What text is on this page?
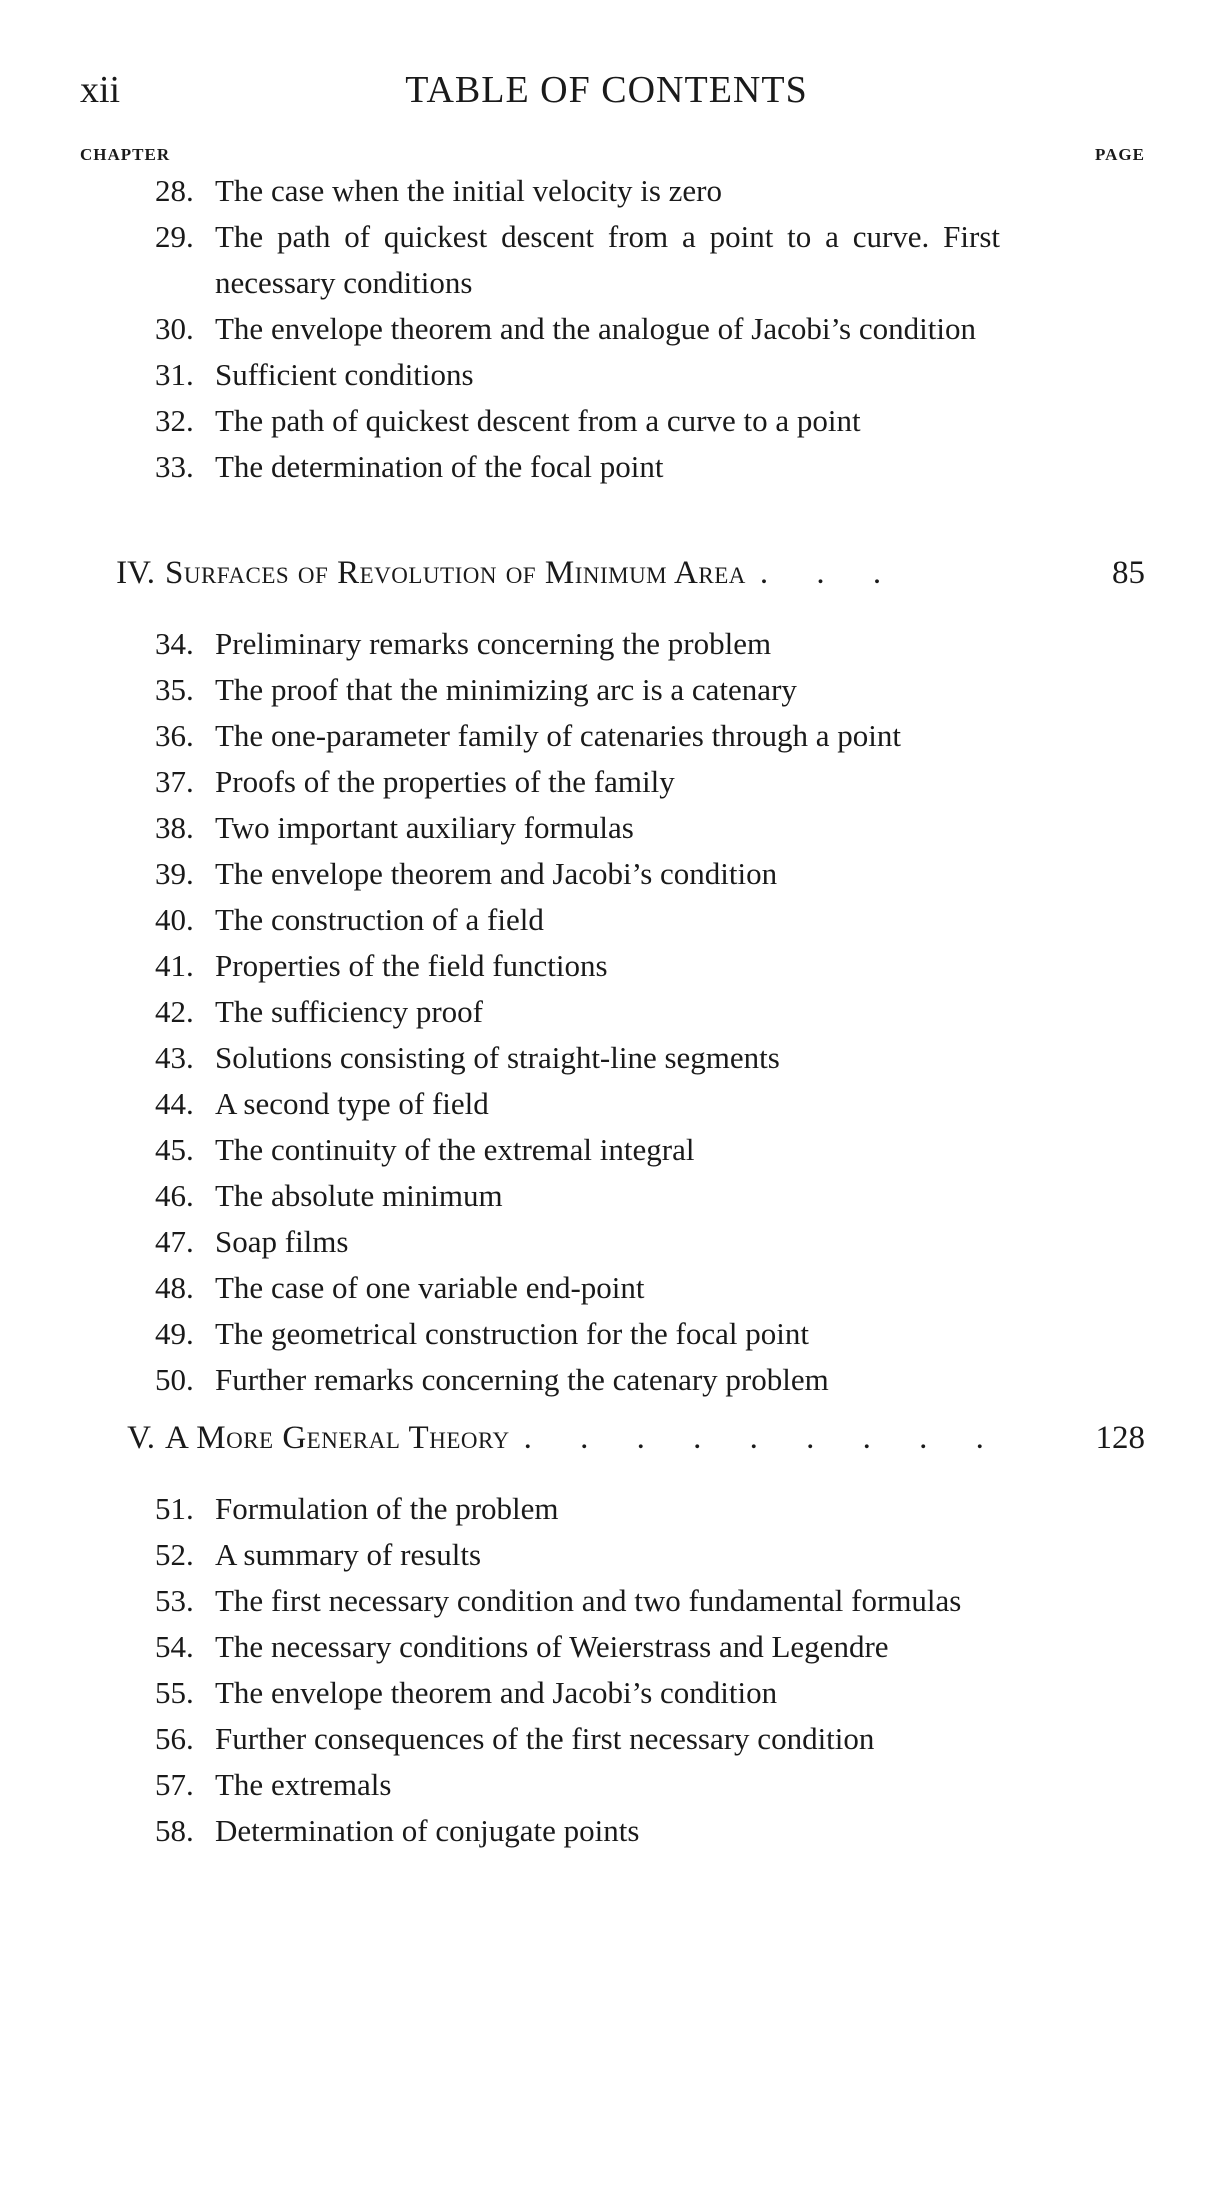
xii	TABLE OF CONTENTS
CHAPTER	PAGE
28. The case when the initial velocity is zero
29. The path of quickest descent from a point to a curve. First necessary conditions
30. The envelope theorem and the analogue of Jacobi’s condition
31. Sufficient conditions
32. The path of quickest descent from a curve to a point
33. The determination of the focal point
IV. Surfaces of Revolution of Minimum Area . . .	85
34. Preliminary remarks concerning the problem
35. The proof that the minimizing arc is a catenary
36. The one-parameter family of catenaries through a point
37. Proofs of the properties of the family
38. Two important auxiliary formulas
39. The envelope theorem and Jacobi’s condition
40. The construction of a field
41. Properties of the field functions
42. The sufficiency proof
43. Solutions consisting of straight-line segments
44. A second type of field
45. The continuity of the extremal integral
46. The absolute minimum
47. Soap films
48. The case of one variable end-point
49. The geometrical construction for the focal point
50. Further remarks concerning the catenary problem
V. A More General Theory . . . . . . . . .	128
51. Formulation of the problem
52. A summary of results
53. The first necessary condition and two fundamental formulas
54. The necessary conditions of Weierstrass and Legendre
55. The envelope theorem and Jacobi’s condition
56. Further consequences of the first necessary condition
57. The extremals
58. Determination of conjugate points
